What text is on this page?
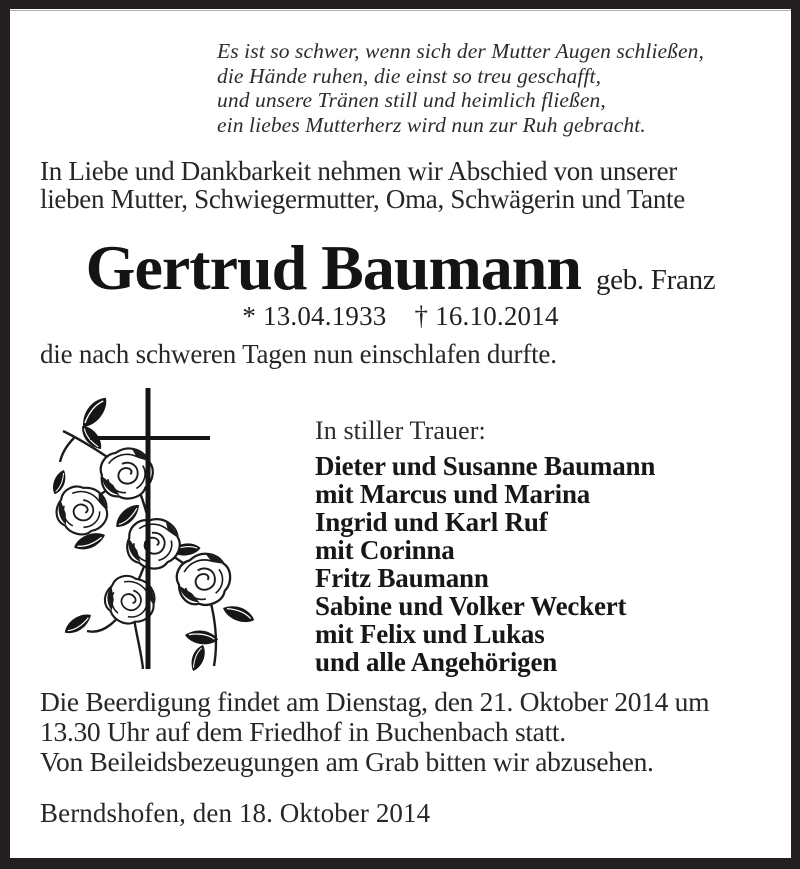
Es ist so schwer, wenn sich der Mutter Augen schließen,
die Hände ruhen, die einst so treu geschafft,
und unsere Tränen still und heimlich fließen,
ein liebes Mutterherz wird nun zur Ruh gebracht.
In Liebe und Dankbarkeit nehmen wir Abschied von unserer
lieben Mutter, Schwiegermutter, Oma, Schwägerin und Tante
Gertrud Baumann geb. Franz
* 13.04.1933 † 16.10.2014
die nach schweren Tagen nun einschlafen durfte.
In stiller Trauer:
Dieter und Susanne Baumann
mit Marcus und Marina
Ingrid und Karl Ruf
mit Corinna
Fritz Baumann
Sabine und Volker Weckert
mit Felix und Lukas
und alle Angehörigen
Die Beerdigung findet am Dienstag, den 21. Oktober 2014 um
13.30 Uhr auf dem Friedhof in Buchenbach statt.
Von Beileidsbezeugungen am Grab bitten wir abzusehen.
Berndshofen, den 18. Oktober 2014
